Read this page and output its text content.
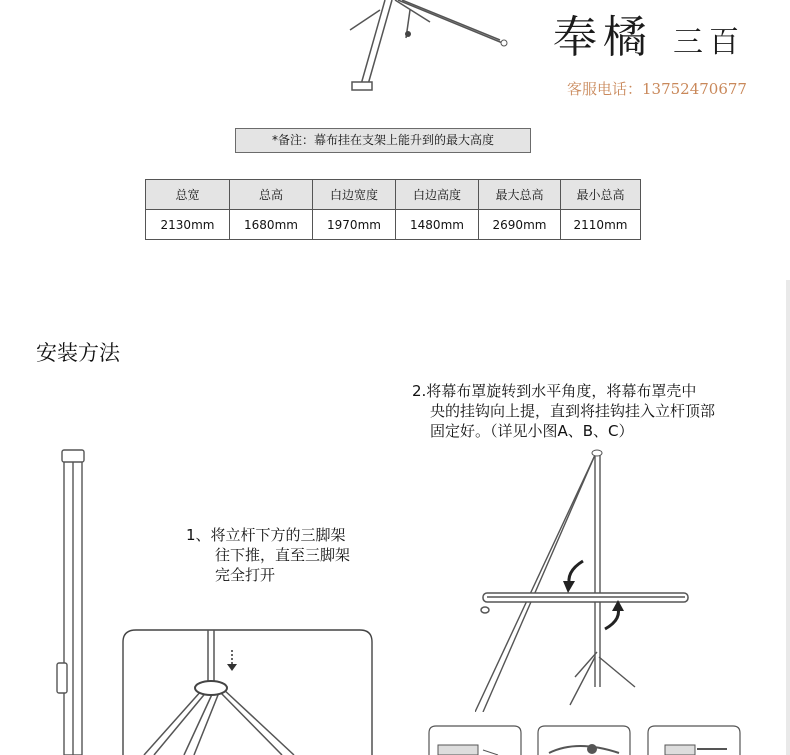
奉橘 三百
客服电话：13752470677
*备注：幕布挂在支架上能升到的最大高度
总宽	总高	白边宽度	白边高度	最大总高	最小总高
2130mm	1680mm	1970mm	1480mm	2690mm	2110mm
安装方法
2.将幕布罩旋转到水平角度，将幕布罩壳中
央的挂钩向上提，直到将挂钩挂入立杆顶部
固定好。（详见小图A、B、C）
1、将立杆下方的三脚架
往下推，直至三脚架
完全打开
